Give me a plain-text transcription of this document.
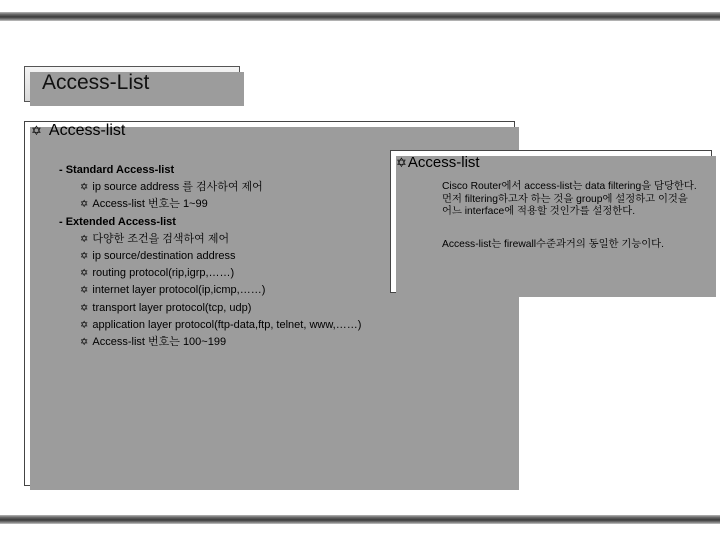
Access-List
✡ Access-list
- Standard Access-list
✡ ip source address 를 검사하여 제어
✡ Access-list 번호는 1~99
- Extended Access-list
✡ 다양한 조건을 검색하여 제어
✡ ip source/destination address
✡ routing protocol(rip,igrp,……)
✡ internet layer protocol(ip,icmp,……)
✡ transport layer protocol(tcp, udp)
✡ application layer protocol(ftp-data,ftp, telnet, www,……)
✡ Access-list 번호는 100~199
✡Access-list
Cisco Router에서 access-list는 data filtering을 담당한다. 먼저 filtering하고자 하는 것을 group에 설정하고 이것을 어느 interface에 적용할 것인가를 설정한다.
Access-list는 firewall수준과거의 동일한 기능이다.
